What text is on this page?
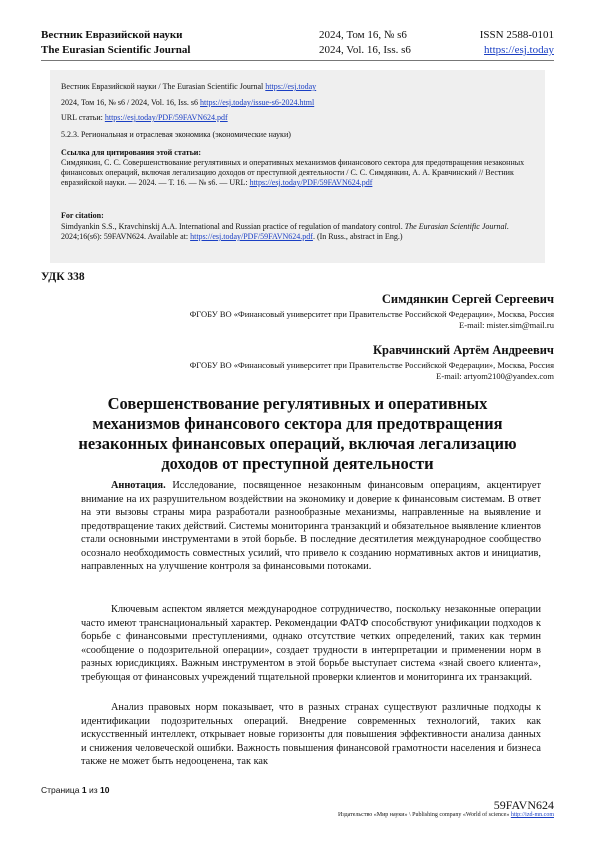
Вестник Евразийской науки	2024, Том 16, № s6	ISSN 2588-0101
The Eurasian Scientific Journal	2024, Vol. 16, Iss. s6	https://esj.today
Вестник Евразийской науки / The Eurasian Scientific Journal https://esj.today
2024, Том 16, № s6 / 2024, Vol. 16, Iss. s6 https://esj.today/issue-s6-2024.html
URL статьи: https://esj.today/PDF/59FAVN624.pdf
5.2.3. Региональная и отраслевая экономика (экономические науки)
Ссылка для цитирования этой статьи:
Симдянкин, С. С. Совершенствование регулятивных и оперативных механизмов финансового сектора для предотвращения незаконных финансовых операций, включая легализацию доходов от преступной деятельности / С. С. Симдянкин, А. А. Кравчинский // Вестник евразийской науки. — 2024. — Т. 16. — № s6. — URL: https://esj.today/PDF/59FAVN624.pdf
For citation:
Simdyankin S.S., Kravchinskij A.A. International and Russian practice of regulation of mandatory control. The Eurasian Scientific Journal. 2024;16(s6): 59FAVN624. Available at: https://esj.today/PDF/59FAVN624.pdf. (In Russ., abstract in Eng.)
УДК 338
Симдянкин Сергей Сергеевич
ФГОБУ ВО «Финансовый университет при Правительстве Российской Федерации», Москва, Россия
E-mail: mister.sim@mail.ru
Кравчинский Артём Андреевич
ФГОБУ ВО «Финансовый университет при Правительстве Российской Федерации», Москва, Россия
E-mail: artyom2100@yandex.com
Совершенствование регулятивных и оперативных механизмов финансового сектора для предотвращения незаконных финансовых операций, включая легализацию доходов от преступной деятельности
Аннотация. Исследование, посвященное незаконным финансовым операциям, акцентирует внимание на их разрушительном воздействии на экономику и доверие к финансовым системам. В ответ на эти вызовы страны мира разработали разнообразные механизмы, направленные на выявление и предотвращение таких действий. Системы мониторинга транзакций и обязательное выявление клиентов стали основными инструментами в этой борьбе. В последние десятилетия международное сообщество осознало необходимость совместных усилий, что привело к созданию нормативных актов и инициатив, направленных на улучшение контроля за финансовыми потоками.
Ключевым аспектом является международное сотрудничество, поскольку незаконные операции часто имеют транснациональный характер. Рекомендации ФАТФ способствуют унификации подходов к борьбе с финансовыми преступлениями, однако отсутствие четких определений, таких как термин «сообщение о подозрительной операции», создает трудности в интерпретации и применении норм в разных юрисдикциях. Важным инструментом в этой борьбе выступает система «знай своего клиента», требующая от финансовых учреждений тщательной проверки клиентов и мониторинга их транзакций.
Анализ правовых норм показывает, что в разных странах существуют различные подходы к идентификации подозрительных операций. Внедрение современных технологий, таких как искусственный интеллект, открывает новые горизонты для повышения эффективности анализа данных и снижения человеческой ошибки. Важность повышения финансовой грамотности населения и бизнеса также не может быть недооценена, так как
Страница 1 из 10
59FAVN624
Издательство «Мир науки» \ Publishing company «World of science» http://izd-mn.com
